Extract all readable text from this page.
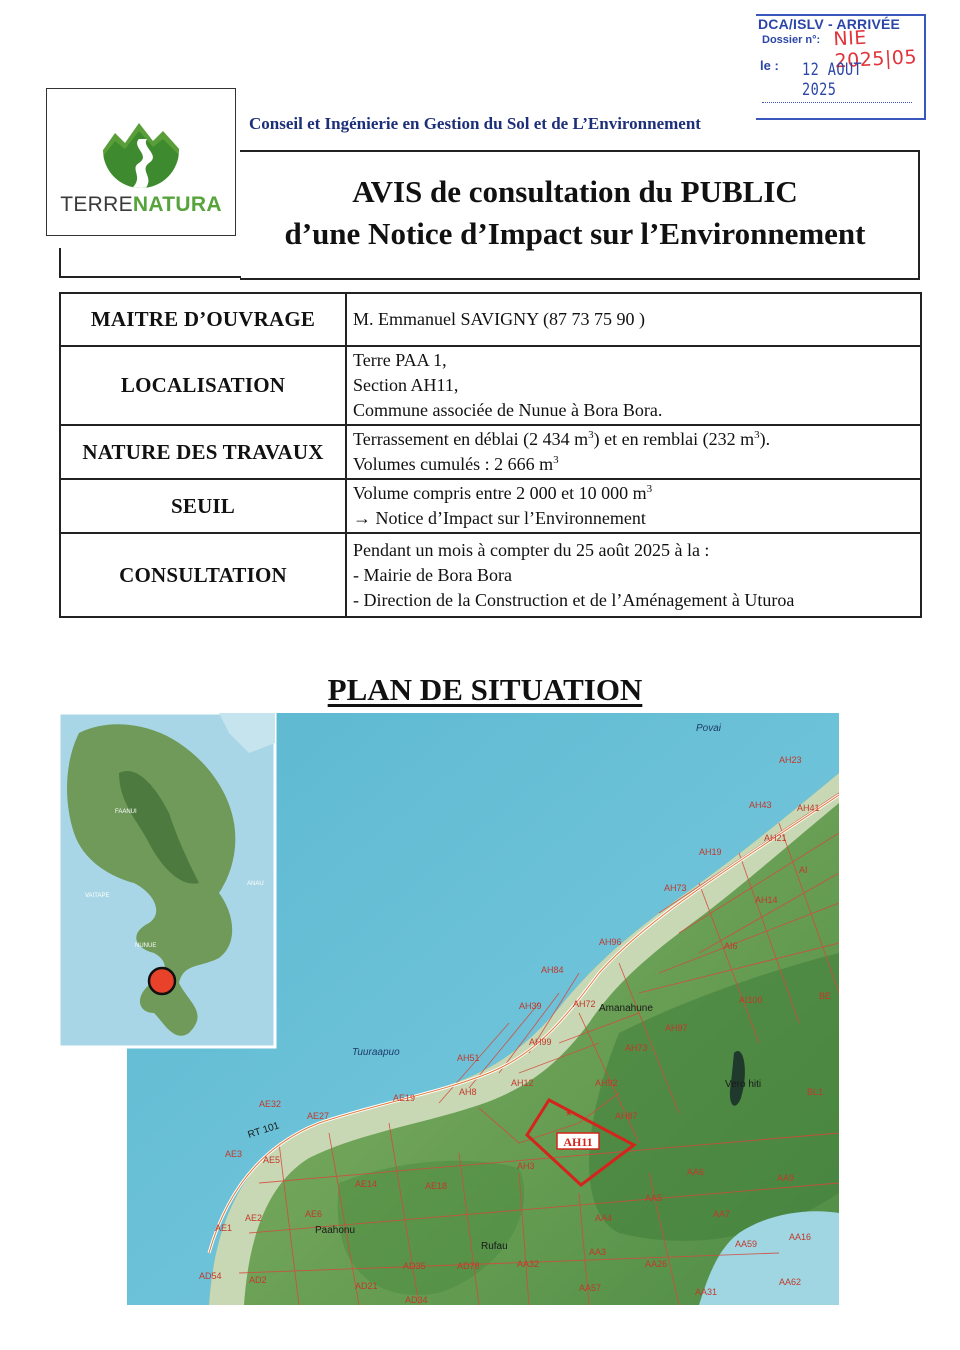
DCA/ISLV - ARRIVÉE
Dossier n°: NIE 2025|05
le : 12 AOUT 2025
TERRENATURA
Conseil et Ingénierie en Gestion du Sol et de L’Environnement
AVIS de consultation du PUBLIC
d’une Notice d’Impact sur l’Environnement
MAITRE D’OUVRAGE	M. Emmanuel SAVIGNY (87 73 75 90 )

LOCALISATION	Terre PAA 1,
Section AH11,
Commune associée de Nunue à Bora Bora.

NATURE DES TRAVAUX	Terrassement en déblai (2 434 $m^3$) et en remblai (232 $m^3$).
Volumes cumulés : 2 666 $m^3$

SEUIL	Volume compris entre 2 000 et 10 000 $m^3$
→ Notice d’Impact sur l’Environnement

CONSULTATION	Pendant un mois à compter du 25 août 2025 à la :
- Mairie de Bora Bora
- Direction de la Construction et de l’Aménagement à Uturoa
PLAN DE SITUATION
*
AH11
Povai
Tuuraapuo
Amanahune
Vero hiti
Paahonu
Rufau
RT 101
AH23
AH43	AH41
AH21
AH19
AI
AH73
AH14
AH96	AI6
AH84
AH72
AH39
AH97
AH99
AH73
AI100	BE
AH51
AH12	AH92
AH8
AE19
AE32
AE27	AH87
AH3
AA6
AA9
AE3
AE5
AE14	AE18
AA5
AA7
AE1
AE2	AE6	AA4
AA3
AA59
AA16
AD54	AD2
AD21
AD35	AD78	AA32	AA26
AA62
AA57
AD34
AA31
BL1
FAANUI
VAITAPE
ANAU
NUNUE
